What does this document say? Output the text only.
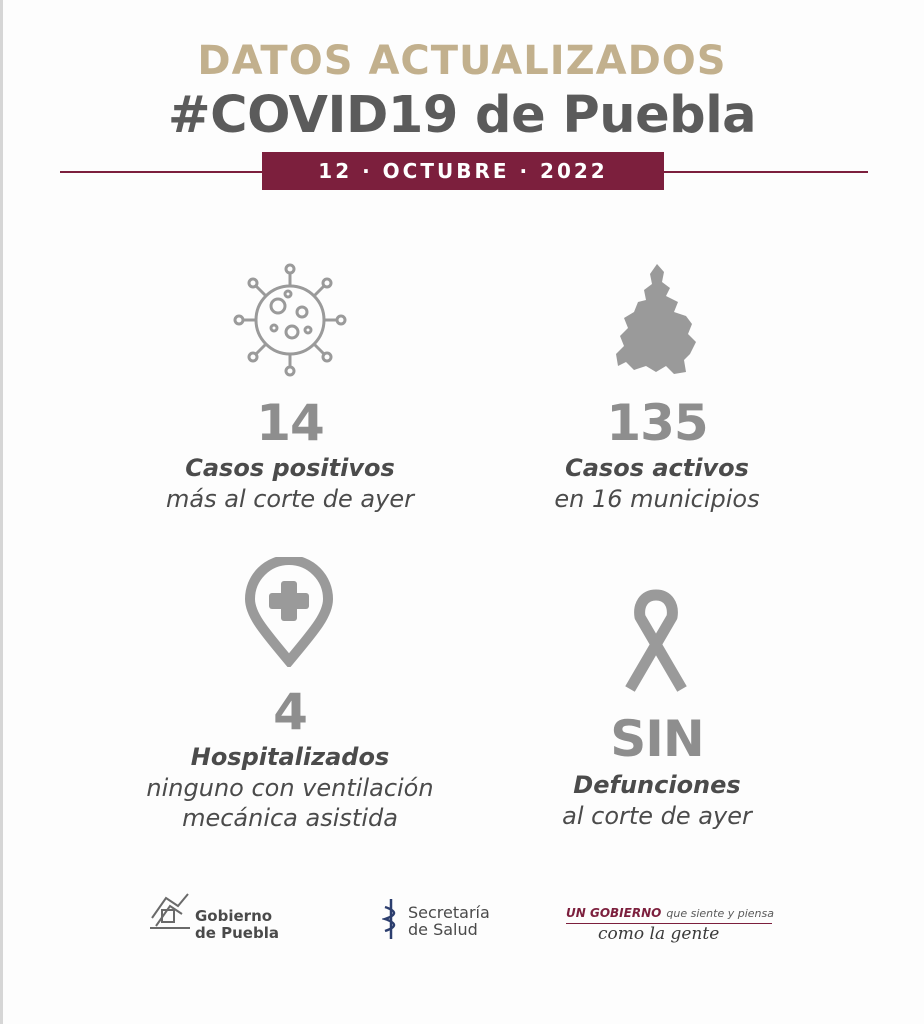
DATOS ACTUALIZADOS
#COVID19 de Puebla
12 · OCTUBRE · 2022
14
Casos positivos
más al corte de ayer
135
Casos activos
en 16 municipios
4
Hospitalizados
ninguno con ventilación
mecánica asistida
SIN
Defunciones
al corte de ayer
Gobierno
de Puebla
Secretaría
de Salud
UN GOBIERNO que siente y piensa
como la gente
